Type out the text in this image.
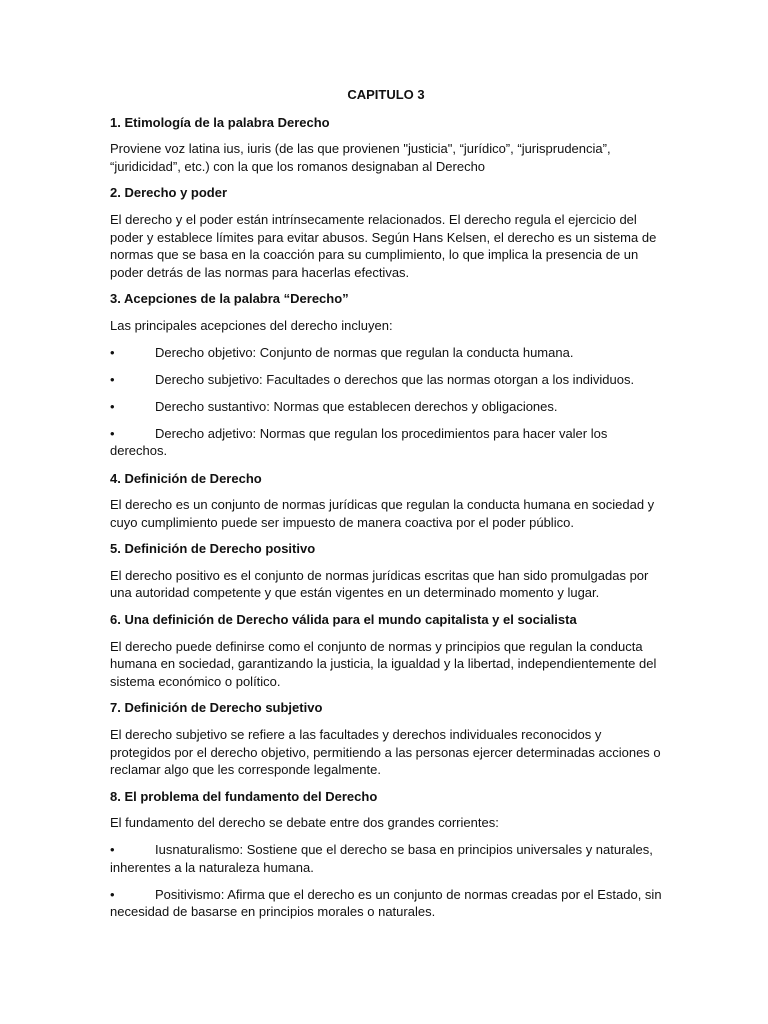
CAPITULO 3
1. Etimología de la palabra Derecho
Proviene voz latina ius, iuris (de las que provienen "justicia", “jurídico”, “jurisprudencia”, “juridicidad”, etc.) con la que los romanos designaban al Derecho
2. Derecho y poder
El derecho y el poder están intrínsecamente relacionados. El derecho regula el ejercicio del poder y establece límites para evitar abusos. Según Hans Kelsen, el derecho es un sistema de normas que se basa en la coacción para su cumplimiento, lo que implica la presencia de un poder detrás de las normas para hacerlas efectivas.
3. Acepciones de la palabra “Derecho”
Las principales acepciones del derecho incluyen:
•	Derecho objetivo: Conjunto de normas que regulan la conducta humana.
•	Derecho subjetivo: Facultades o derechos que las normas otorgan a los individuos.
•	Derecho sustantivo: Normas que establecen derechos y obligaciones.
•	Derecho adjetivo: Normas que regulan los procedimientos para hacer valer los derechos.
4. Definición de Derecho
El derecho es un conjunto de normas jurídicas que regulan la conducta humana en sociedad y cuyo cumplimiento puede ser impuesto de manera coactiva por el poder público.
5. Definición de Derecho positivo
El derecho positivo es el conjunto de normas jurídicas escritas que han sido promulgadas por una autoridad competente y que están vigentes en un determinado momento y lugar.
6. Una definición de Derecho válida para el mundo capitalista y el socialista
El derecho puede definirse como el conjunto de normas y principios que regulan la conducta humana en sociedad, garantizando la justicia, la igualdad y la libertad, independientemente del sistema económico o político.
7. Definición de Derecho subjetivo
El derecho subjetivo se refiere a las facultades y derechos individuales reconocidos y protegidos por el derecho objetivo, permitiendo a las personas ejercer determinadas acciones o reclamar algo que les corresponde legalmente.
8. El problema del fundamento del Derecho
El fundamento del derecho se debate entre dos grandes corrientes:
•	Iusnaturalismo: Sostiene que el derecho se basa en principios universales y naturales, inherentes a la naturaleza humana.
•	Positivismo: Afirma que el derecho es un conjunto de normas creadas por el Estado, sin necesidad de basarse en principios morales o naturales.
